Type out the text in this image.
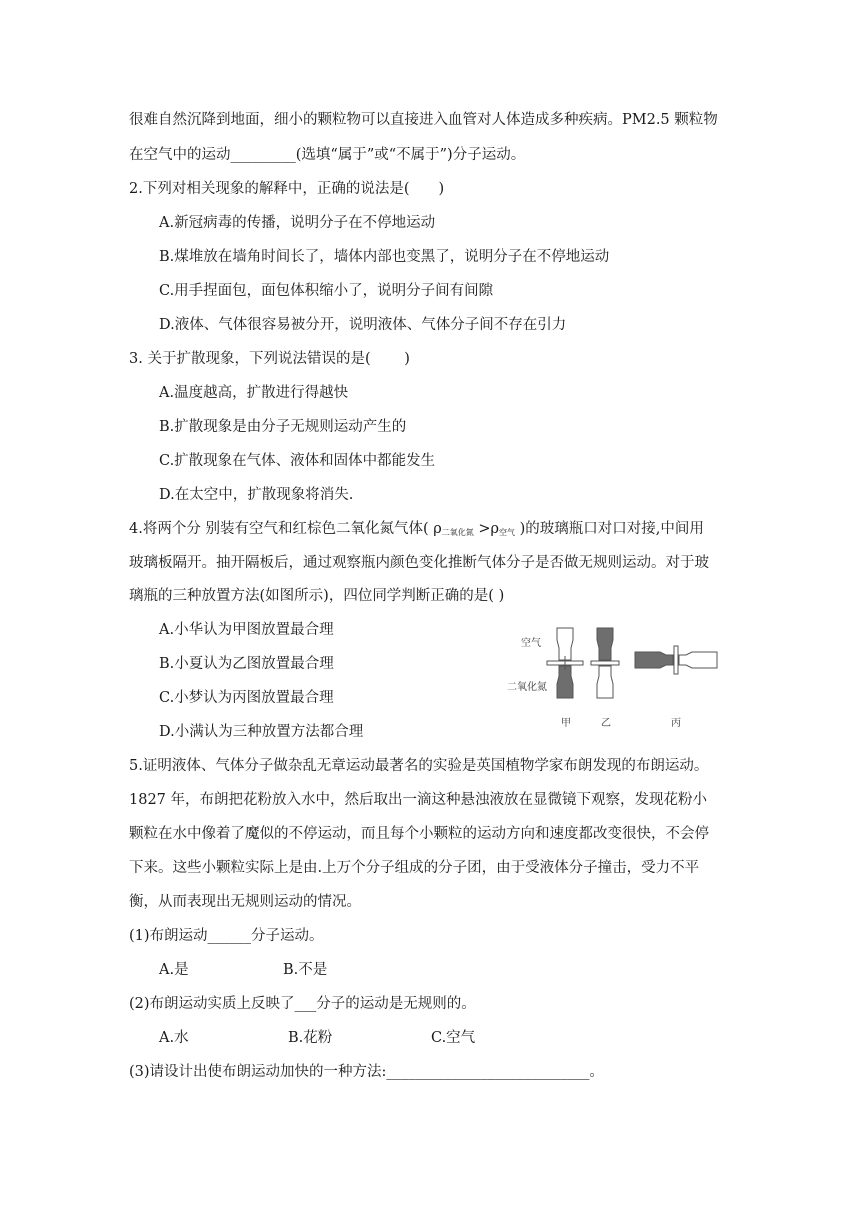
很难自然沉降到地面，细小的颗粒物可以直接进入血管对人体造成多种疾病。PM2.5 颗粒物
在空气中的运动_________(选填“属于”或“不属于”)分子运动。
2.下列对相关现象的解释中，正确的说法是(　　)
A.新冠病毒的传播，说明分子在不停地运动
B.煤堆放在墙角时间长了，墙体内部也变黑了，说明分子在不停地运动
C.用手捏面包，面包体积缩小了，说明分子间有间隙
D.液体、气体很容易被分开，说明液体、气体分子间不存在引力
3. 关于扩散现象，下列说法错误的是(　　 )
A.温度越高，扩散进行得越快
B.扩散现象是由分子无规则运动产生的
C.扩散现象在气体、液体和固体中都能发生
D.在太空中，扩散现象将消失.
4.将两个分 别装有空气和红棕色二氧化氮气体( $\rho_{二氧化氮} >\rho_{空气}$ )的玻璃瓶口对口对接,中间用
玻璃板隔开。抽开隔板后，通过观察瓶内颜色变化推断气体分子是否做无规则运动。对于玻
璃瓶的三种放置方法(如图所示)，四位同学判断正确的是( )
A.小华认为甲图放置最合理
B.小夏认为乙图放置最合理
C.小梦认为丙图放置最合理
D.小满认为三种放置方法都合理
空气
二氧化氮
甲	乙	丙
5.证明液体、气体分子做杂乱无章运动最著名的实验是英国植物学家布朗发现的布朗运动。
1827 年，布朗把花粉放入水中，然后取出一滴这种悬浊液放在显微镜下观察，发现花粉小
颗粒在水中像着了魔似的不停运动，而且每个小颗粒的运动方向和速度都改变很快，不会停
下来。这些小颗粒实际上是由.上万个分子组成的分子团，由于受液体分子撞击，受力不平
衡，从而表现出无规则运动的情况。
(1)布朗运动______分子运动。
A.是	B.不是
(2)布朗运动实质上反映了___分子的运动是无规则的。
A.水	B.花粉	C.空气
(3)请设计出使布朗运动加快的一种方法:____________________________。
